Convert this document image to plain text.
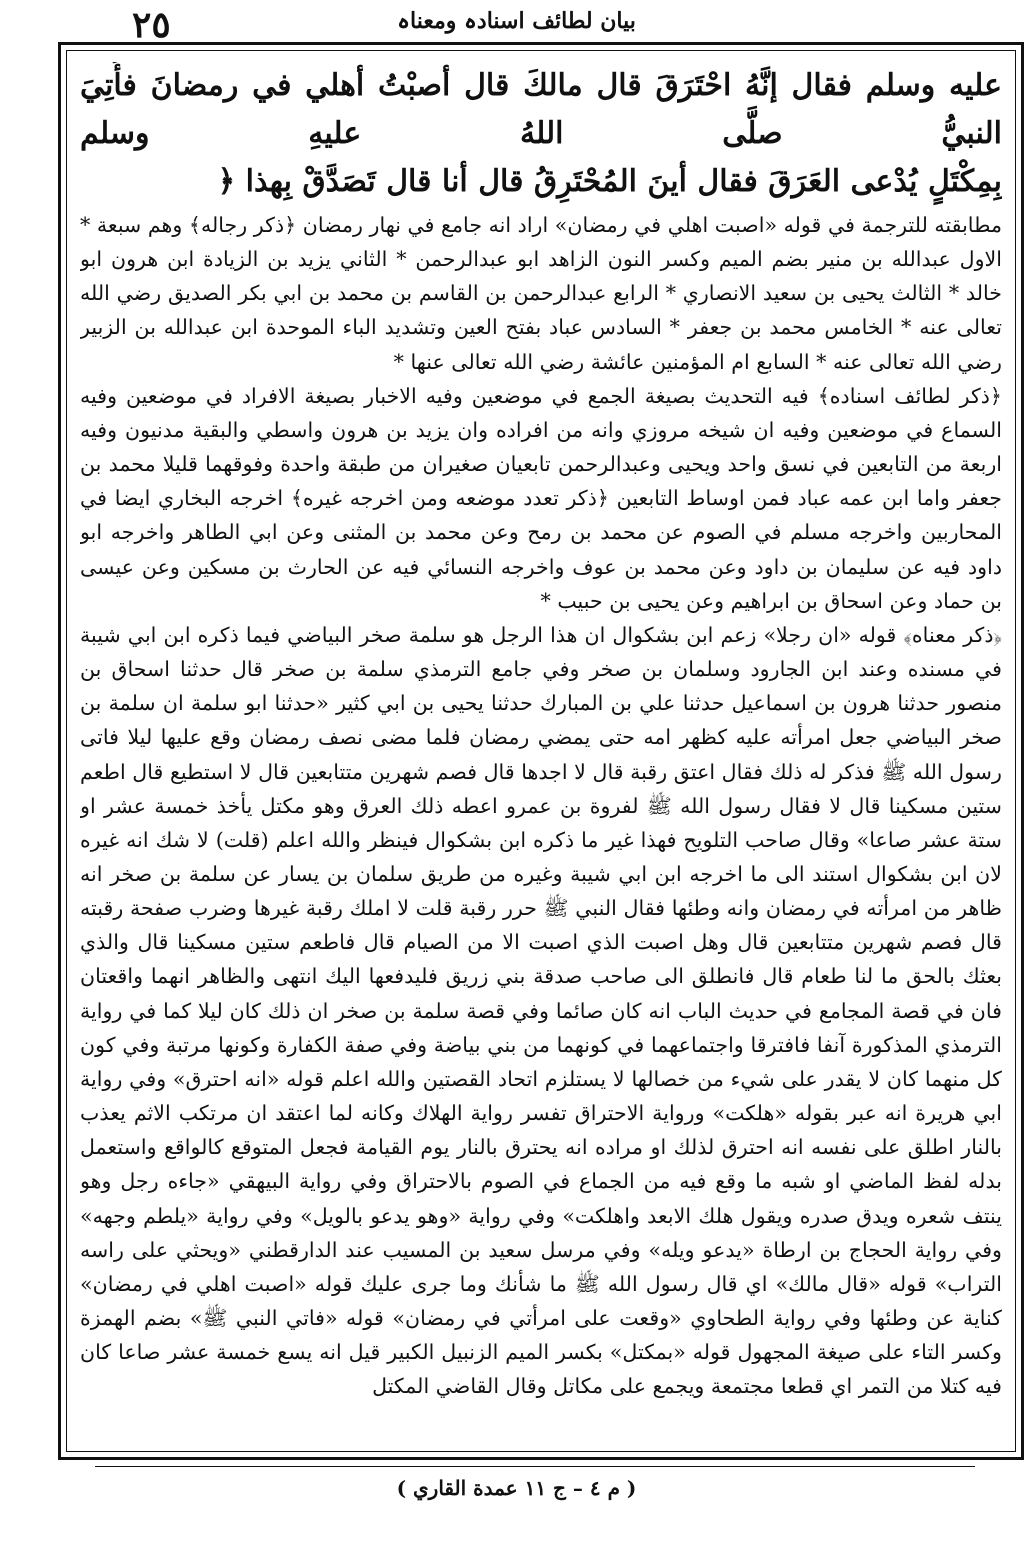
٢٥	بیان لطائف اسنادہ ومعناہ

عليه وسلم فقال إنَّهُ احْتَرَقَ قال مالكَ قال أصبْتُ أهلي في رمضانَ فأُتِيَ النبيُّ صلَّى اللهُ عليهِ وسلم

بِمِكْتَلٍ يُدْعى العَرَقَ فقال أينَ المُحْتَرِقُ قال أنا قال تَصَدَّقْ بِهذا ﴿

مطابقته للترجمة في قوله «اصبت اهلي في رمضان» اراد انه جامع في نهار رمضان ﴿ذكر رجاله﴾ وهم سبعة * الاول عبدالله بن منير بضم الميم وكسر النون الزاهد ابو عبدالرحمن * الثاني يزيد بن الزيادة ابن هرون ابو خالد * الثالث يحيى بن سعيد الانصاري * الرابع عبدالرحمن بن القاسم بن محمد بن ابي بكر الصديق رضي الله تعالى عنه * الخامس محمد بن جعفر * السادس عباد بفتح العين وتشديد الباء الموحدة ابن عبدالله بن الزبير رضي الله تعالى عنه * السابع ام المؤمنين عائشة رضي الله تعالى عنها *

﴿ذكر لطائف اسناده﴾ فيه التحديث بصيغة الجمع في موضعين وفيه الاخبار بصيغة الافراد في موضعين وفيه السماع في موضعين وفيه ان شيخه مروزي وانه من افراده وان يزيد بن هرون واسطي والبقية مدنيون وفيه اربعة من التابعين في نسق واحد ويحيى وعبدالرحمن تابعيان صغيران من طبقة واحدة وفوقهما قليلا محمد بن جعفر واما ابن عمه عباد فمن اوساط التابعين ﴿ذكر تعدد موضعه ومن اخرجه غيره﴾ اخرجه البخاري ايضا في المحاربين واخرجه مسلم في الصوم عن محمد بن رمح وعن محمد بن المثنى وعن ابي الطاهر واخرجه ابو داود فيه عن سليمان بن داود وعن محمد بن عوف واخرجه النسائي فيه عن الحارث بن مسكين وعن عيسى بن حماد وعن اسحاق بن ابراهيم وعن يحيى بن حبيب *

﴿ذكر معناه﴾ قوله «ان رجلا» زعم ابن بشكوال ان هذا الرجل هو سلمة صخر البياضي فيما ذكره ابن ابي شيبة في مسنده وعند ابن الجارود وسلمان بن صخر وفي جامع الترمذي سلمة بن صخر قال حدثنا اسحاق بن منصور حدثنا هرون بن اسماعيل حدثنا علي بن المبارك حدثنا يحيى بن ابي كثير «حدثنا ابو سلمة ان سلمة بن صخر البياضي جعل امرأته عليه كظهر امه حتى يمضي رمضان فلما مضى نصف رمضان وقع عليها ليلا فاتى رسول الله ﷺ فذكر له ذلك فقال اعتق رقبة قال لا اجدها قال فصم شهرين متتابعين قال لا استطيع قال اطعم ستين مسكينا قال لا فقال رسول الله ﷺ لفروة بن عمرو اعطه ذلك العرق وهو مكتل يأخذ خمسة عشر او ستة عشر صاعا» وقال صاحب التلويح فهذا غير ما ذكره ابن بشكوال فينظر والله اعلم (قلت) لا شك انه غيره لان ابن بشكوال استند الى ما اخرجه ابن ابي شيبة وغيره من طريق سلمان بن يسار عن سلمة بن صخر انه ظاهر من امرأته في رمضان وانه وطئها فقال النبي ﷺ حرر رقبة قلت لا املك رقبة غيرها وضرب صفحة رقبته قال فصم شهرين متتابعين قال وهل اصبت الذي اصبت الا من الصيام قال فاطعم ستين مسكينا قال والذي بعثك بالحق ما لنا طعام قال فانطلق الى صاحب صدقة بني زريق فليدفعها اليك انتهى والظاهر انهما واقعتان فان في قصة المجامع في حديث الباب انه كان صائما وفي قصة سلمة بن صخر ان ذلك كان ليلا كما في رواية الترمذي المذكورة آنفا فافترقا واجتماعهما في كونهما من بني بياضة وفي صفة الكفارة وكونها مرتبة وفي كون كل منهما كان لا يقدر على شيء من خصالها لا يستلزم اتحاد القصتين والله اعلم قوله «انه احترق» وفي رواية ابي هريرة انه عبر بقوله «هلكت» ورواية الاحتراق تفسر رواية الهلاك وكانه لما اعتقد ان مرتكب الاثم يعذب بالنار اطلق على نفسه انه احترق لذلك او مراده انه يحترق بالنار يوم القيامة فجعل المتوقع كالواقع واستعمل بدله لفظ الماضي او شبه ما وقع فيه من الجماع في الصوم بالاحتراق وفي رواية البيهقي «جاءه رجل وهو ينتف شعره ويدق صدره ويقول هلك الابعد واهلكت» وفي رواية «وهو يدعو بالويل» وفي رواية «يلطم وجهه» وفي رواية الحجاج بن ارطاة «يدعو ويله» وفي مرسل سعيد بن المسيب عند الدارقطني «ويحثي على راسه التراب» قوله «قال مالك» اي قال رسول الله ﷺ ما شأنك وما جرى عليك قوله «اصبت اهلي في رمضان» كناية عن وطئها وفي رواية الطحاوي «وقعت على امرأتي في رمضان» قوله «فاتي النبي ﷺ» بضم الهمزة وكسر التاء على صيغة المجهول قوله «بمكتل» بكسر الميم الزنبيل الكبير قيل انه يسع خمسة عشر صاعا كان فيه كتلا من التمر اي قطعا مجتمعة ويجمع على مكاتل وقال القاضي المكتل

( م ٤ – ج ١١ عمدة القاري )
